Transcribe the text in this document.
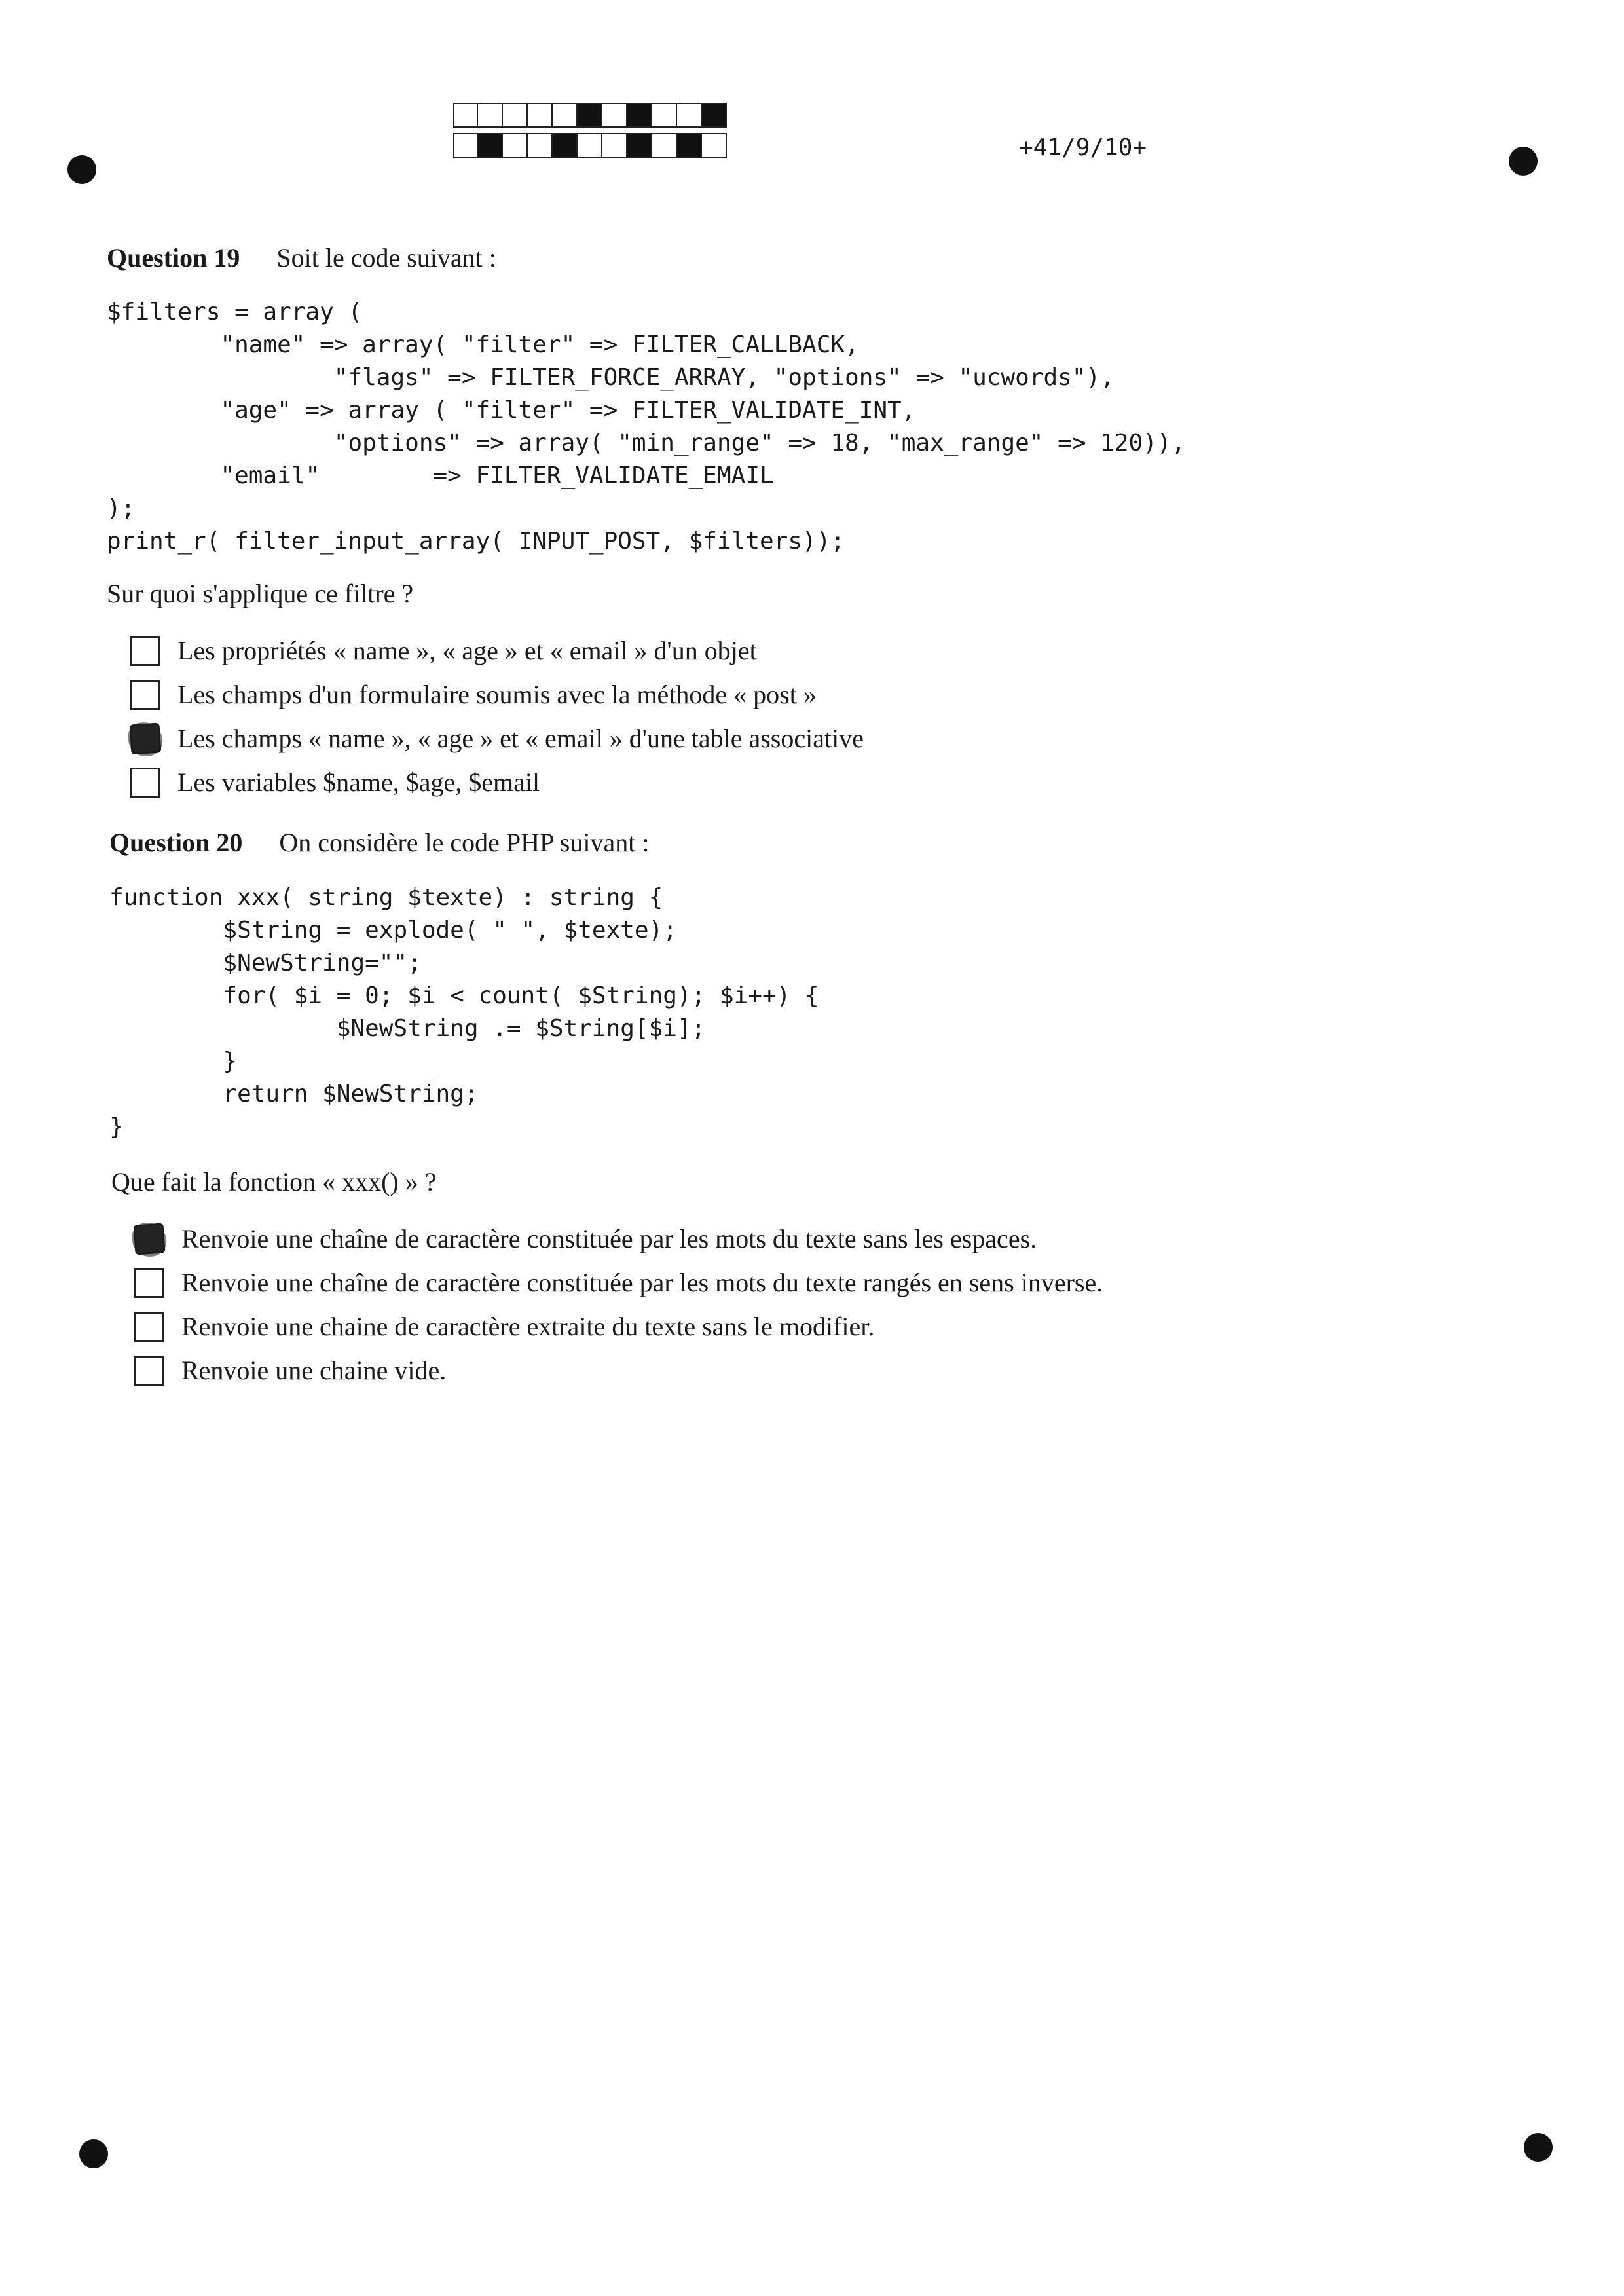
+41/9/10+
Question 19 Soit le code suivant :
$filters = array (
"name" => array( "filter" => FILTER_CALLBACK,
"flags" => FILTER_FORCE_ARRAY, "options" => "ucwords"),
"age" => array ( "filter" => FILTER_VALIDATE_INT,
"options" => array( "min_range" => 18, "max_range" => 120)),
"email"        => FILTER_VALIDATE_EMAIL
);
print_r( filter_input_array( INPUT_POST, $filters));
Sur quoi s'applique ce filtre ?
Les propriétés « name », « age » et « email » d'un objet
Les champs d'un formulaire soumis avec la méthode « post »
Les champs « name », « age » et « email » d'une table associative
Les variables $name, $age, $email
Question 20 On considère le code PHP suivant :
function xxx( string $texte) : string {
$String = explode( " ", $texte);
$NewString="";
for( $i = 0; $i < count( $String); $i++) {
$NewString .= $String[$i];
}
return $NewString;
}
Que fait la fonction « xxx() » ?
Renvoie une chaîne de caractère constituée par les mots du texte sans les espaces.
Renvoie une chaîne de caractère constituée par les mots du texte rangés en sens inverse.
Renvoie une chaine de caractère extraite du texte sans le modifier.
Renvoie une chaine vide.
